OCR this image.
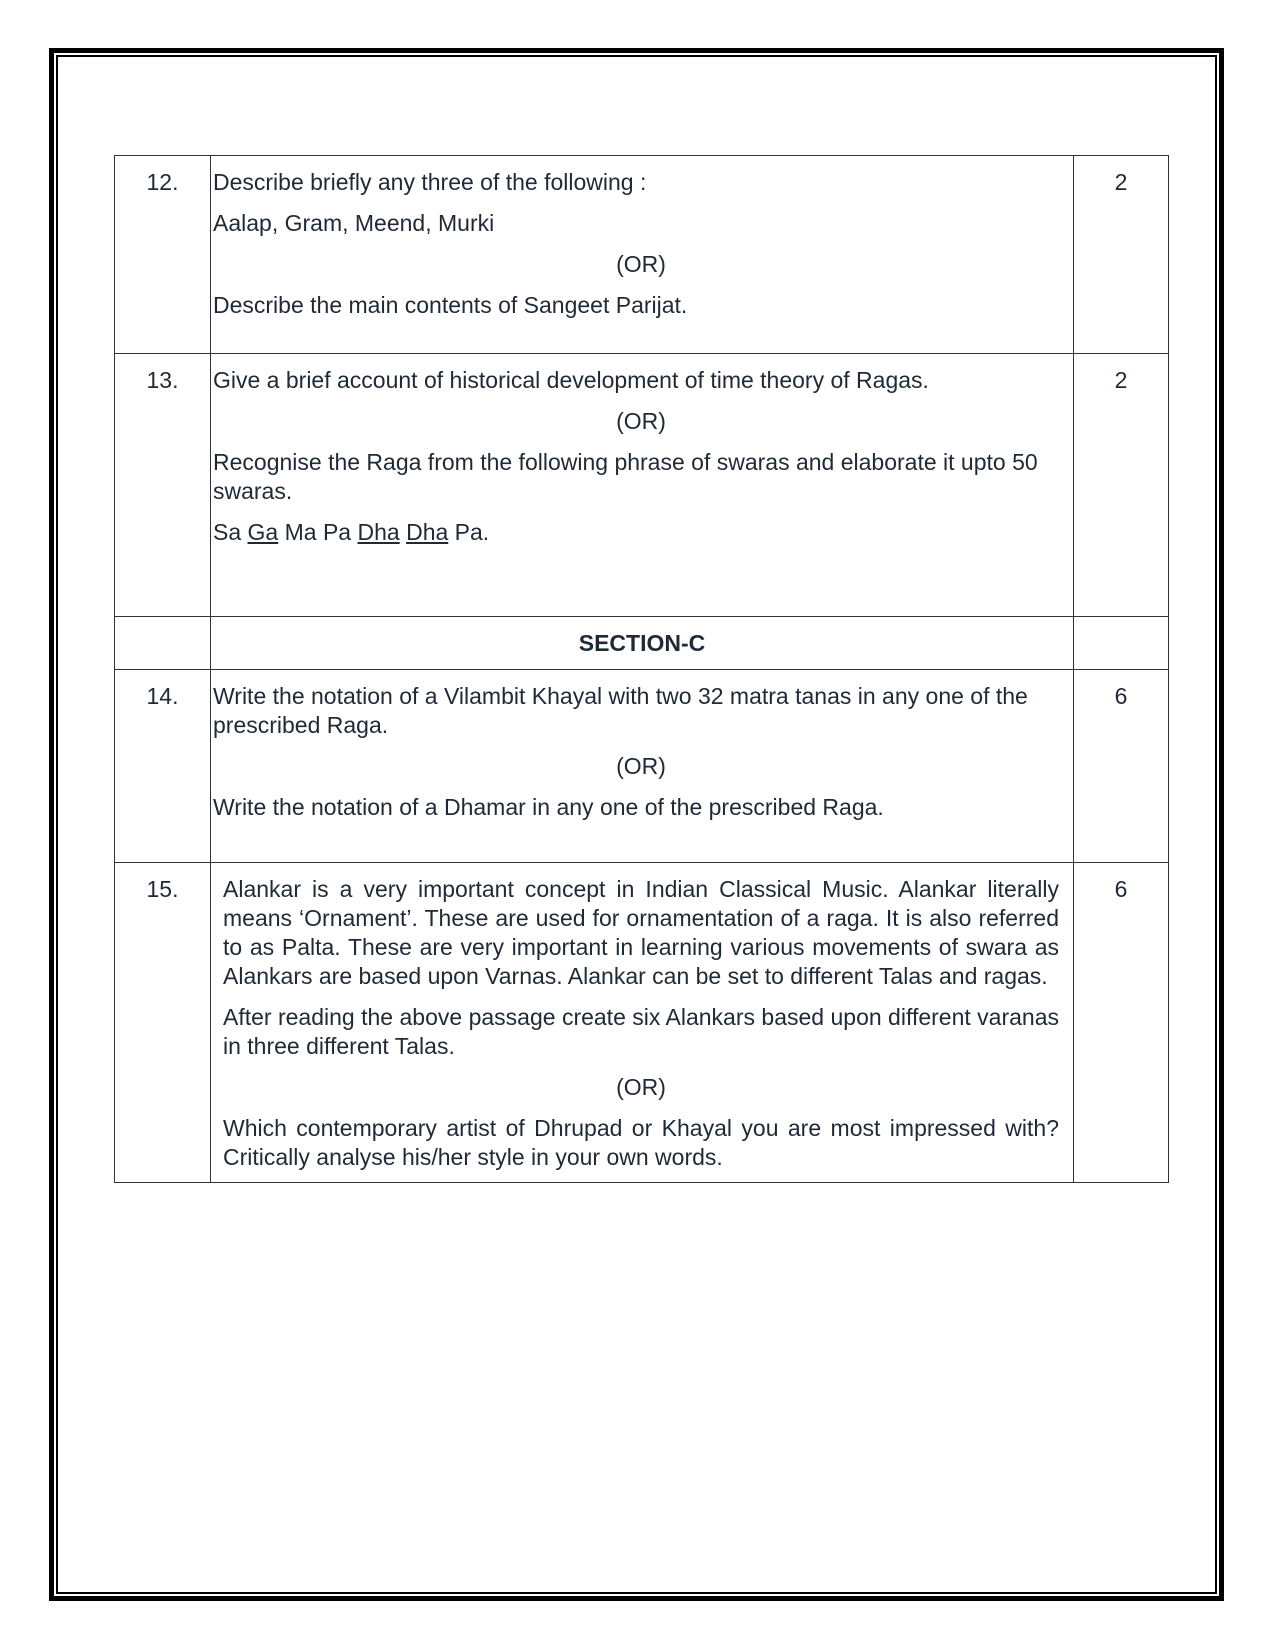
12.	Describe briefly any three of the following :

Aalap, Gram, Meend, Murki

(OR)

Describe the main contents of Sangeet Parijat.	2
13.	Give a brief account of historical development of time theory of Ragas.

(OR)

Recognise the Raga from the following phrase of swaras and elaborate it upto 50 swaras.

Sa Ga Ma Pa Dha Dha Pa.	2
	SECTION-C	
14.	Write the notation of a Vilambit Khayal with two 32 matra tanas in any one of the prescribed Raga.

(OR)

Write the notation of a Dhamar in any one of the prescribed Raga.	6
15.	Alankar is a very important concept in Indian Classical Music. Alankar literally means ‘Ornament’. These are used for ornamentation of a raga. It is also referred to as Palta. These are very important in learning various movements of swara as Alankars are based upon Varnas. Alankar can be set to different Talas and ragas.

After reading the above passage create six Alankars based upon different varanas in three different Talas.

(OR)

Which contemporary artist of Dhrupad or Khayal you are most impressed with? Critically analyse his/her style in your own words.	6
